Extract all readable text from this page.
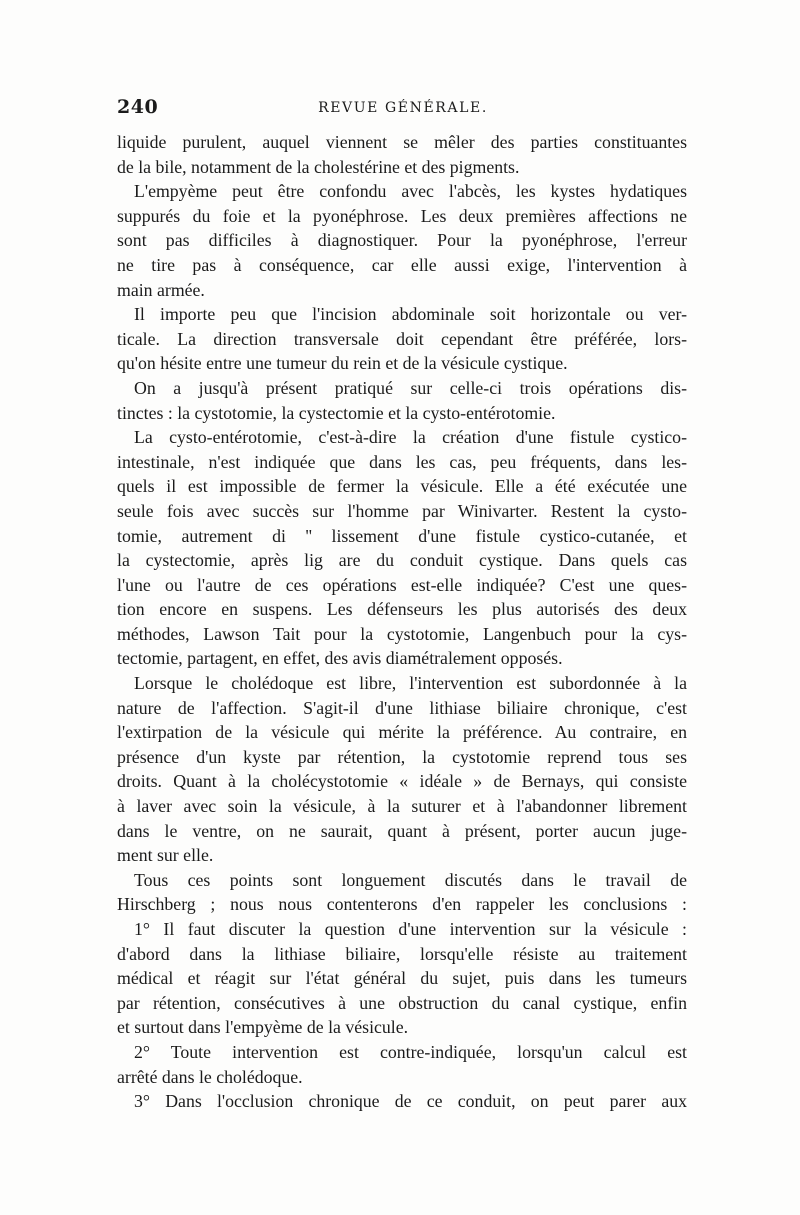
240	REVUE GÉNÉRALE.
liquide purulent, auquel viennent se mêler des parties constituantes
de la bile, notamment de la cholestérine et des pigments.
L'empyème peut être confondu avec l'abcès, les kystes hydatiques
suppurés du foie et la pyonéphrose. Les deux premières affections ne
sont pas difficiles à diagnostiquer. Pour la pyonéphrose, l'erreur
ne tire pas à conséquence, car elle aussi exige, l'intervention à
main armée.
Il importe peu que l'incision abdominale soit horizontale ou ver-
ticale. La direction transversale doit cependant être préférée, lors-
qu'on hésite entre une tumeur du rein et de la vésicule cystique.
On a jusqu'à présent pratiqué sur celle-ci trois opérations dis-
tinctes : la cystotomie, la cystectomie et la cysto-entérotomie.
La cysto-entérotomie, c'est-à-dire la création d'une fistule cystico-
intestinale, n'est indiquée que dans les cas, peu fréquents, dans les-
quels il est impossible de fermer la vésicule. Elle a été exécutée une
seule fois avec succès sur l'homme par Winivarter. Restent la cysto-
tomie, autrement di '' lissement d'une fistule cystico-cutanée, et
la cystectomie, après lig are du conduit cystique. Dans quels cas
l'une ou l'autre de ces opérations est-elle indiquée? C'est une ques-
tion encore en suspens. Les défenseurs les plus autorisés des deux
méthodes, Lawson Tait pour la cystotomie, Langenbuch pour la cys-
tectomie, partagent, en effet, des avis diamétralement opposés.
Lorsque le cholédoque est libre, l'intervention est subordonnée à la
nature de l'affection. S'agit-il d'une lithiase biliaire chronique, c'est
l'extirpation de la vésicule qui mérite la préférence. Au contraire, en
présence d'un kyste par rétention, la cystotomie reprend tous ses
droits. Quant à la cholécystotomie « idéale » de Bernays, qui consiste
à laver avec soin la vésicule, à la suturer et à l'abandonner librement
dans le ventre, on ne saurait, quant à présent, porter aucun juge-
ment sur elle.
Tous ces points sont longuement discutés dans le travail de
Hirschberg ; nous nous contenterons d'en rappeler les conclusions :
1° Il faut discuter la question d'une intervention sur la vésicule :
d'abord dans la lithiase biliaire, lorsqu'elle résiste au traitement
médical et réagit sur l'état général du sujet, puis dans les tumeurs
par rétention, consécutives à une obstruction du canal cystique, enfin
et surtout dans l'empyème de la vésicule.
2° Toute intervention est contre-indiquée, lorsqu'un calcul est
arrêté dans le cholédoque.
3° Dans l'occlusion chronique de ce conduit, on peut parer aux
